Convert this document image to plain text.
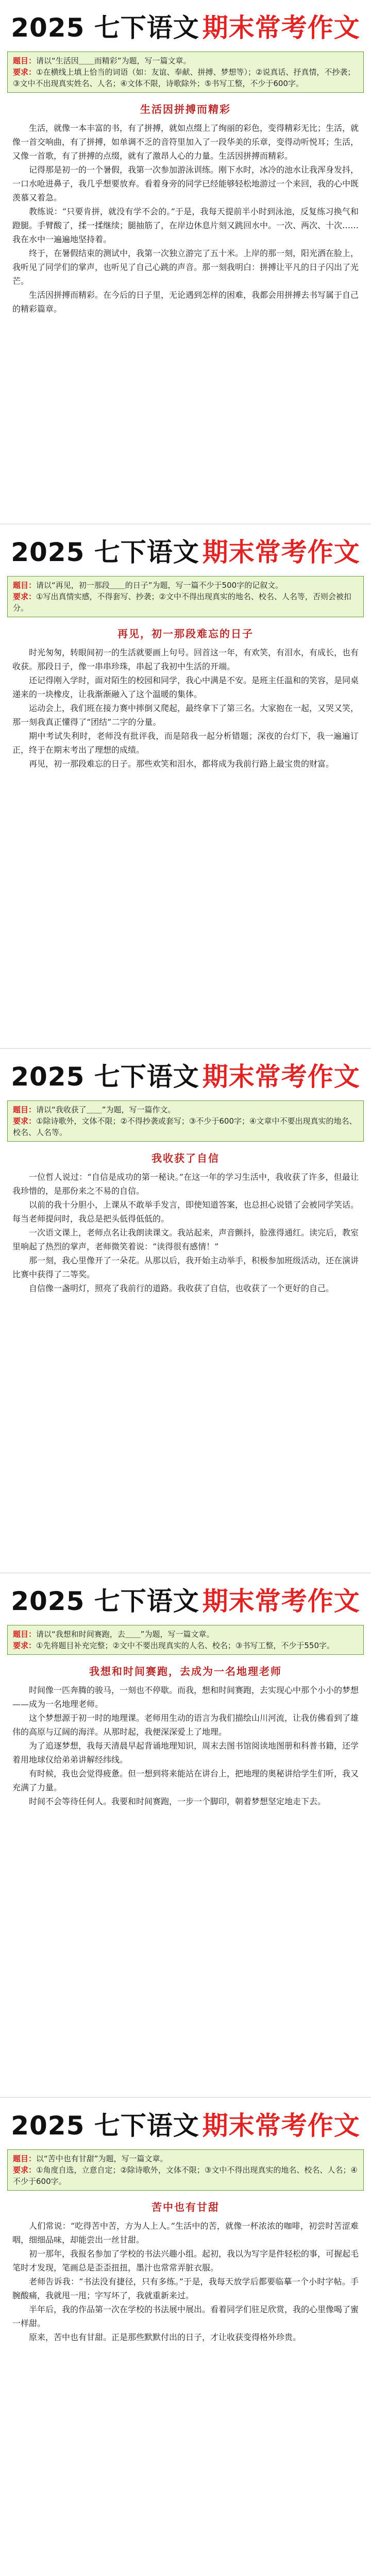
2025 七下语文 期末常考作文
题目：请以“生活因＿＿而精彩”为题，写一篇文章。
要求：①在横线上填上恰当的词语（如：友谊、奉献、拼搏、梦想等）；②说真话、抒真情，不抄袭；③文中不出现真实姓名、人名；④文体不限，诗歌除外；⑤书写工整，不少于600字。
生活因拼搏而精彩

生活，就像一本丰富的书，有了拼搏，就如点缀上了绚丽的彩色，变得精彩无比；生活，就像一首交响曲，有了拼搏，如单调不乏的音符里加入了一段华美的乐章，变得动听悦耳；生活，又像一首歌，有了拼搏的点缀，就有了激昂人心的力量。生活因拼搏而精彩。

记得那是初一的一个暑假，我第一次参加游泳训练。刚下水时，冰冷的池水让我浑身发抖，一口水呛进鼻子，我几乎想要放弃。看着身旁的同学已经能够轻松地游过一个来回，我的心中既羡慕又着急。

教练说：“只要肯拼，就没有学不会的。”于是，我每天提前半小时到泳池，反复练习换气和蹬腿。手臂酸了，揉一揉继续；腿抽筋了，在岸边休息片刻又跳回水中。一次、两次、十次……我在水中一遍遍地坚持着。

终于，在暑假结束的测试中，我第一次独立游完了五十米。上岸的那一刻，阳光洒在脸上，我听见了同学们的掌声，也听见了自己心跳的声音。那一刻我明白：拼搏让平凡的日子闪出了光芒。

生活因拼搏而精彩。在今后的日子里，无论遇到怎样的困难，我都会用拼搏去书写属于自己的精彩篇章。

2025 七下语文 期末常考作文
题目：请以“再见，初一那段＿＿的日子”为题，写一篇不少于500字的记叙文。
要求：①写出真情实感，不得套写、抄袭；②文中不得出现真实的地名、校名、人名等，否则会被扣分。
再见，初一那段难忘的日子

时光匆匆，转眼间初一的生活就要画上句号。回首这一年，有欢笑，有泪水，有成长，也有收获。那段日子，像一串串珍珠，串起了我初中生活的开端。

还记得刚入学时，面对陌生的校园和同学，我心中满是不安。是班主任温和的笑容，是同桌递来的一块橡皮，让我渐渐融入了这个温暖的集体。

运动会上，我们班在接力赛中摔倒又爬起，最终拿下了第三名。大家抱在一起，又哭又笑，那一刻我真正懂得了“团结”二字的分量。

期中考试失利时，老师没有批评我，而是陪我一起分析错题；深夜的台灯下，我一遍遍订正，终于在期末考出了理想的成绩。

再见，初一那段难忘的日子。那些欢笑和泪水，都将成为我前行路上最宝贵的财富。

2025 七下语文 期末常考作文
题目：请以“我收获了＿＿”为题，写一篇作文。
要求：①除诗歌外，文体不限；②不得抄袭或套写；③不少于600字；④文章中不要出现真实的地名、校名、人名等。
我收获了自信

一位哲人说过：“自信是成功的第一秘诀。”在这一年的学习生活中，我收获了许多，但最让我珍惜的，是那份来之不易的自信。

以前的我十分胆小，上课从不敢举手发言，即使知道答案，也总担心说错了会被同学笑话。每当老师提问时，我总是把头低得低低的。

一次语文课上，老师点名让我朗读课文。我站起来，声音颤抖，脸涨得通红。读完后，教室里响起了热烈的掌声，老师微笑着说：“读得很有感情！”

那一刻，我心里像开了一朵花。从那以后，我开始主动举手，积极参加班级活动，还在演讲比赛中获得了二等奖。

自信像一盏明灯，照亮了我前行的道路。我收获了自信，也收获了一个更好的自己。

2025 七下语文 期末常考作文
题目：请以“我想和时间赛跑，去＿＿”为题，写一篇文章。
要求：①先将题目补充完整；②文中不要出现真实的人名、校名；③书写工整，不少于550字。
我想和时间赛跑，去成为一名地理老师

时间像一匹奔腾的骏马，一刻也不停歇。而我，想和时间赛跑，去实现心中那个小小的梦想——成为一名地理老师。

这个梦想源于初一时的地理课。老师用生动的语言为我们描绘山川河流，让我仿佛看到了雄伟的高原与辽阔的海洋。从那时起，我便深深爱上了地理。

为了追逐梦想，我每天清晨早起背诵地理知识，周末去图书馆阅读地图册和科普书籍，还学着用地球仪给弟弟讲解经纬线。

有时候，我也会觉得疲惫。但一想到将来能站在讲台上，把地理的奥秘讲给学生们听，我又充满了力量。

时间不会等待任何人。我要和时间赛跑，一步一个脚印，朝着梦想坚定地走下去。

2025 七下语文 期末常考作文
题目：以“苦中也有甘甜”为题，写一篇文章。
要求：①角度自选，立意自定；②除诗歌外，文体不限；③文中不得出现真实的地名、校名、人名；④不少于600字。
苦中也有甘甜

人们常说：“吃得苦中苦，方为人上人。”生活中的苦，就像一杯浓浓的咖啡，初尝时苦涩难咽，细细品味，却能尝出一丝甘甜。

初一那年，我报名参加了学校的书法兴趣小组。起初，我以为写字是件轻松的事，可握起毛笔时才发现，笔画总是歪歪扭扭，墨汁也常常弄脏衣服。

老师告诉我：“书法没有捷径，只有多练。”于是，我每天放学后都要临摹一个小时字帖。手腕酸痛，我就甩一甩；字写坏了，我就重新来过。

半年后，我的作品第一次在学校的书法展中展出。看着同学们驻足欣赏，我的心里像喝了蜜一样甜。

原来，苦中也有甘甜。正是那些默默付出的日子，才让收获变得格外珍贵。
